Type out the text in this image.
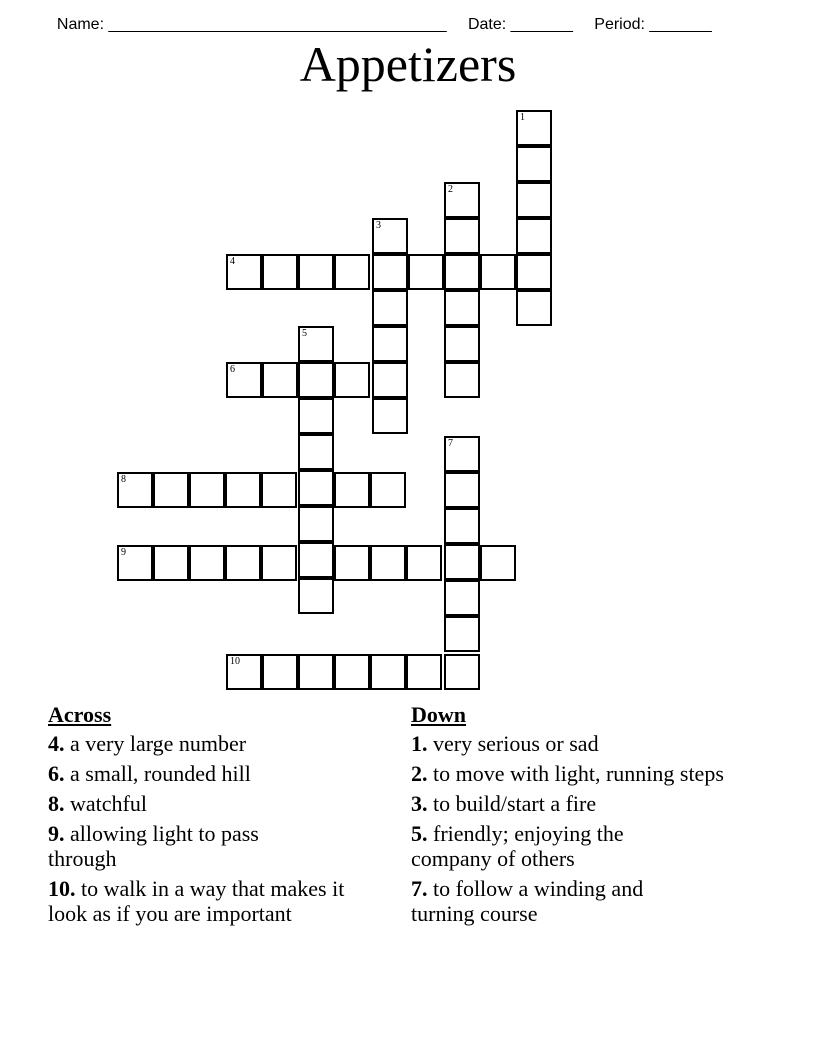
Name: ______________________________________ Date: _______ Period: _______

Appetizers
1
2
3
4
5
6
7
8
9
10
Across
4. a very large number
6. a small, rounded hill
8. watchful
9. allowing light to pass through
10. to walk in a way that makes it look as if you are important
Down
1. very serious or sad
2. to move with light, running steps
3. to build/start a fire
5. friendly; enjoying the company of others
7. to follow a winding and turning course
